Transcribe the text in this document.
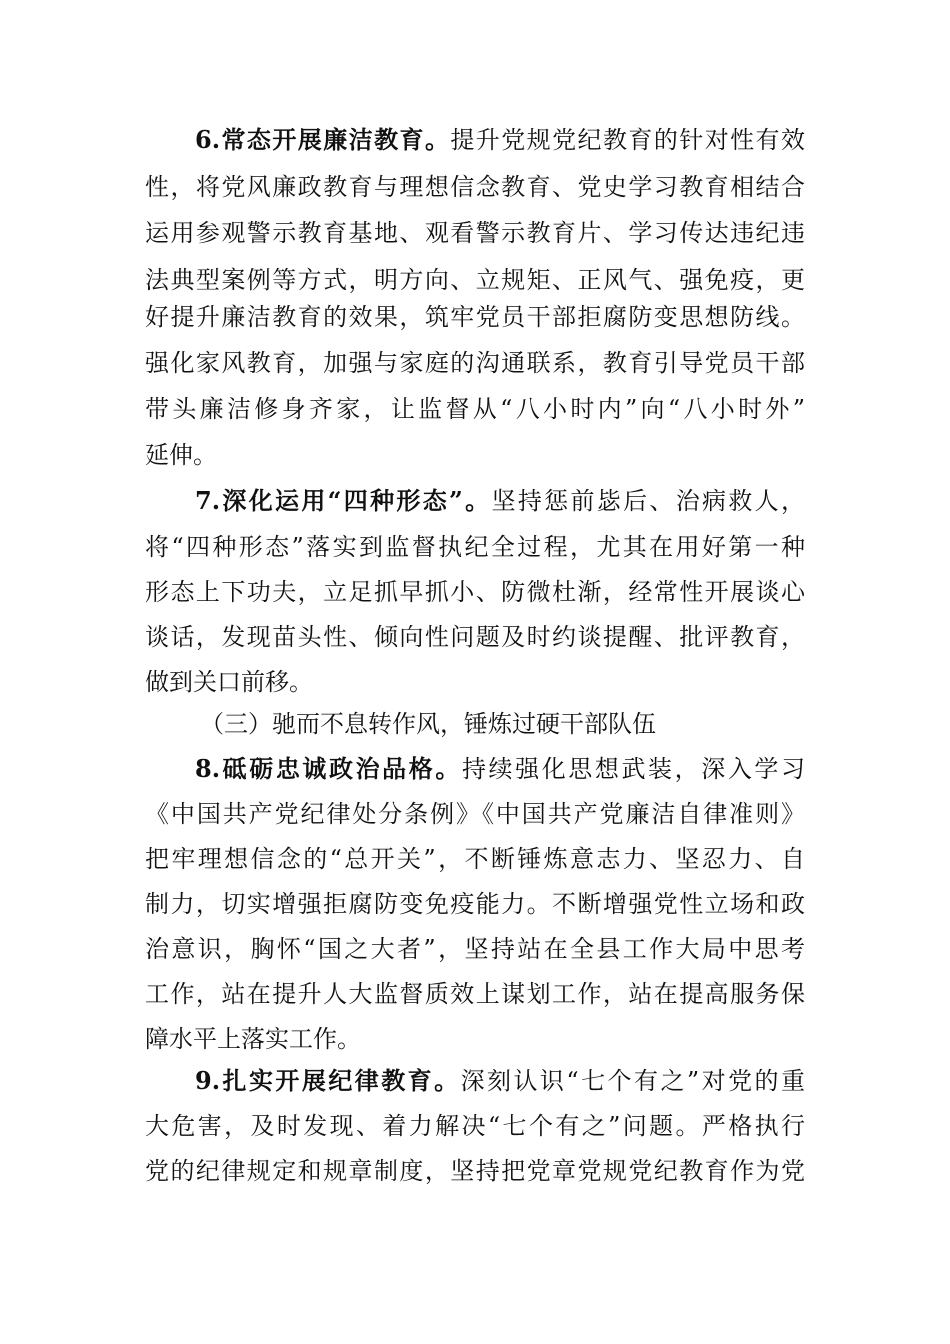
6.常态开展廉洁教育。提升党规党纪教育的针对性有效
性，将党风廉政教育与理想信念教育、党史学习教育相结合
运用参观警示教育基地、观看警示教育片、学习传达违纪违
法典型案例等方式，明方向、立规矩、正风气、强免疫，更
好提升廉洁教育的效果，筑牢党员干部拒腐防变思想防线。
强化家风教育，加强与家庭的沟通联系，教育引导党员干部
带头廉洁修身齐家，让监督从“八小时内”向“八小时外”
延伸。
7.深化运用“四种形态”。坚持惩前毖后、治病救人，
将“四种形态”落实到监督执纪全过程，尤其在用好第一种
形态上下功夫，立足抓早抓小、防微杜渐，经常性开展谈心
谈话，发现苗头性、倾向性问题及时约谈提醒、批评教育，
做到关口前移。
（三）驰而不息转作风，锤炼过硬干部队伍
8.砥砺忠诚政治品格。持续强化思想武装，深入学习
《中国共产党纪律处分条例》《中国共产党廉洁自律准则》
把牢理想信念的“总开关”，不断锤炼意志力、坚忍力、自
制力，切实增强拒腐防变免疫能力。不断增强党性立场和政
治意识，胸怀“国之大者”，坚持站在全县工作大局中思考
工作，站在提升人大监督质效上谋划工作，站在提高服务保
障水平上落实工作。
9.扎实开展纪律教育。深刻认识“七个有之”对党的重
大危害，及时发现、着力解决“七个有之”问题。严格执行
党的纪律规定和规章制度，坚持把党章党规党纪教育作为党
